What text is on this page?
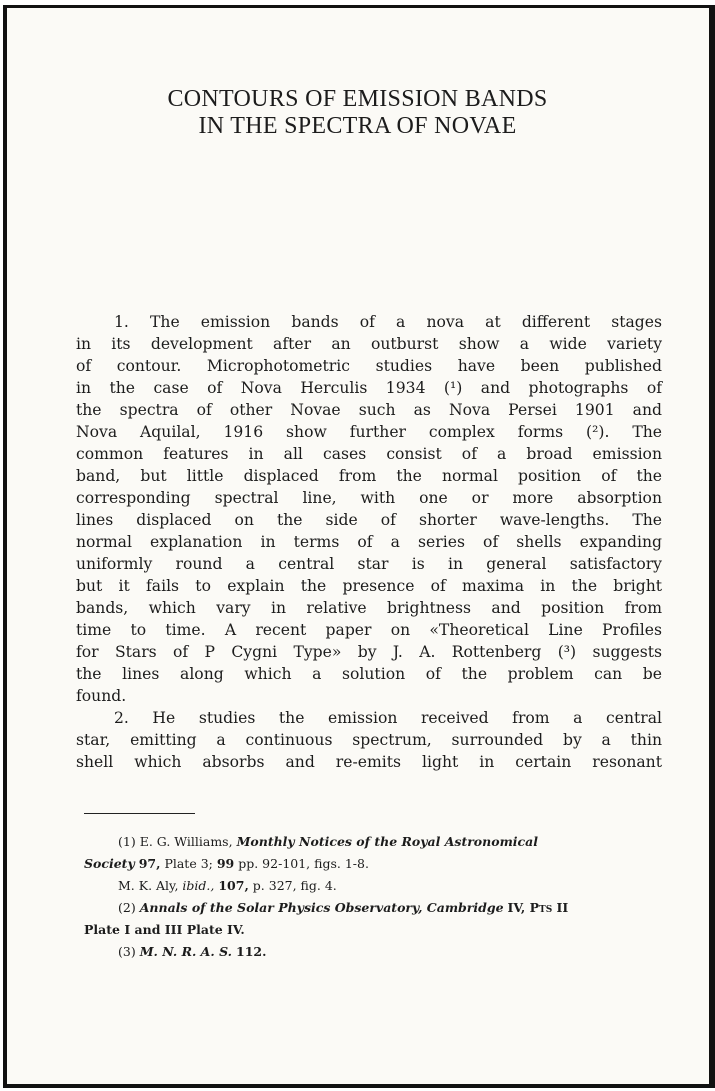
CONTOURS OF EMISSION BANDS
IN THE SPECTRA OF NOVAE
1. The emission bands of a nova at different stages
in its development after an outburst show a wide variety
of contour. Microphotometric studies have been published
in the case of Nova Herculis 1934 (¹) and photographs of
the spectra of other Novae such as Nova Persei 1901 and
Nova Aquilal, 1916 show further complex forms (²). The
common features in all cases consist of a broad emission
band, but little displaced from the normal position of the
corresponding spectral line, with one or more absorption
lines displaced on the side of shorter wave-lengths. The
normal explanation in terms of a series of shells expanding
uniformly round a central star is in general satisfactory
but it fails to explain the presence of maxima in the bright
bands, which vary in relative brightness and position from
time to time. A recent paper on «Theoretical Line Profiles
for Stars of P Cygni Type» by J. A. Rottenberg (³) suggests
the lines along which a solution of the problem can be
found.
2. He studies the emission received from a central
star, emitting a continuous spectrum, surrounded by a thin
shell which absorbs and re-emits light in certain resonant
(1) E. G. Williams, Monthly Notices of the Royal Astronomical
Society 97, Plate 3; 99 pp. 92-101, figs. 1-8.
M. K. Aly, ibid., 107, p. 327, fig. 4.
(2) Annals of the Solar Physics Observatory, Cambridge IV, Pts II
Plate I and III Plate IV.
(3) M. N. R. A. S. 112.
